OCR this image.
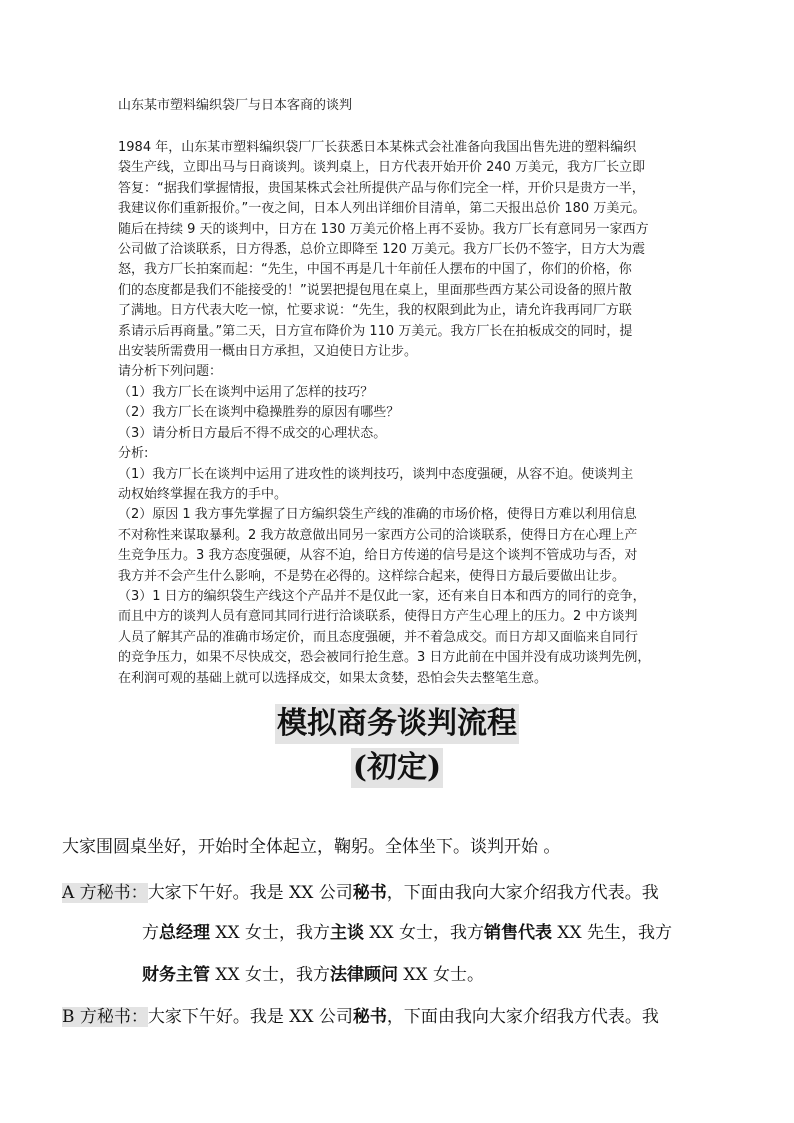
山东某市塑料编织袋厂与日本客商的谈判

1984 年，山东某市塑料编织袋厂厂长获悉日本某株式会社准备向我国出售先进的塑料编织

袋生产线，立即出马与日商谈判。谈判桌上，日方代表开始开价 240 万美元，我方厂长立即

答复：“据我们掌握情报，贵国某株式会社所提供产品与你们完全一样，开价只是贵方一半，

我建议你们重新报价。”一夜之间，日本人列出详细价目清单，第二天报出总价 180 万美元。

随后在持续 9 天的谈判中，日方在 130 万美元价格上再不妥协。我方厂长有意同另一家西方

公司做了洽谈联系，日方得悉，总价立即降至 120 万美元。我方厂长仍不签字，日方大为震

怒，我方厂长拍案而起：“先生，中国不再是几十年前任人摆布的中国了，你们的价格，你

们的态度都是我们不能接受的！”说罢把提包甩在桌上，里面那些西方某公司设备的照片散

了满地。日方代表大吃一惊，忙要求说：“先生，我的权限到此为止，请允许我再同厂方联

系请示后再商量。”第二天，日方宣布降价为 110 万美元。我方厂长在拍板成交的同时，提

出安装所需费用一概由日方承担，又迫使日方让步。

请分析下列问题：

（1）我方厂长在谈判中运用了怎样的技巧？

（2）我方厂长在谈判中稳操胜券的原因有哪些？

（3）请分析日方最后不得不成交的心理状态。

分析:

（1）我方厂长在谈判中运用了进攻性的谈判技巧，谈判中态度强硬，从容不迫。使谈判主

动权始终掌握在我方的手中。

（2）原因 1 我方事先掌握了日方编织袋生产线的准确的市场价格，使得日方难以利用信息

不对称性来谋取暴利。2 我方故意做出同另一家西方公司的洽谈联系，使得日方在心理上产

生竞争压力。3 我方态度强硬，从容不迫，给日方传递的信号是这个谈判不管成功与否，对

我方并不会产生什么影响，不是势在必得的。这样综合起来，使得日方最后要做出让步。

（3）1 日方的编织袋生产线这个产品并不是仅此一家，还有来自日本和西方的同行的竞争，

而且中方的谈判人员有意同其同行进行洽谈联系，使得日方产生心理上的压力。2 中方谈判

人员了解其产品的准确市场定价，而且态度强硬，并不着急成交。而日方却又面临来自同行

的竞争压力，如果不尽快成交，恐会被同行抢生意。3 日方此前在中国并没有成功谈判先例，

在利润可观的基础上就可以选择成交，如果太贪婪，恐怕会失去整笔生意。

模拟商务谈判流程
(初定)
大家围圆桌坐好，开始时全体起立，鞠躬。全体坐下。谈判开始 。
A 方秘书：大家下午好。我是 XX 公司秘书，下面由我向大家介绍我方代表。我
方总经理 XX 女士，我方主谈 XX 女士，我方销售代表 XX 先生，我方
财务主管 XX 女士，我方法律顾问 XX 女士。
B 方秘书：大家下午好。我是 XX 公司秘书，下面由我向大家介绍我方代表。我
